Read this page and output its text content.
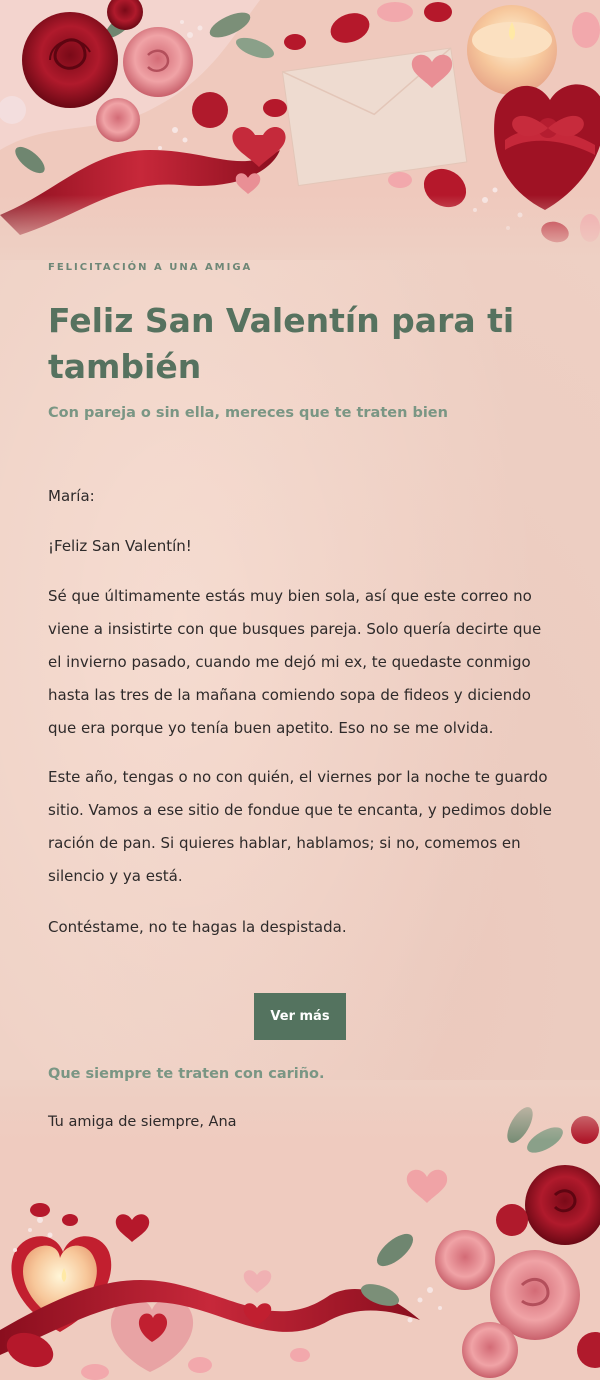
FELICITACIÓN A UNA AMIGA
Feliz San Valentín para ti también
Con pareja o sin ella, mereces que te traten bien

María:

¡Feliz San Valentín!

Sé que últimamente estás muy bien sola, así que este correo no viene a insistirte con que busques pareja. Solo quería decirte que el invierno pasado, cuando me dejó mi ex, te quedaste conmigo hasta las tres de la mañana comiendo sopa de fideos y diciendo que era porque yo tenía buen apetito. Eso no se me olvida.

Este año, tengas o no con quién, el viernes por la noche te guardo sitio. Vamos a ese sitio de fondue que te encanta, y pedimos doble ración de pan. Si quieres hablar, hablamos; si no, comemos en silencio y ya está.

Contéstame, no te hagas la despistada.

Ver más
Que siempre te traten con cariño.
Tu amiga de siempre, Ana
